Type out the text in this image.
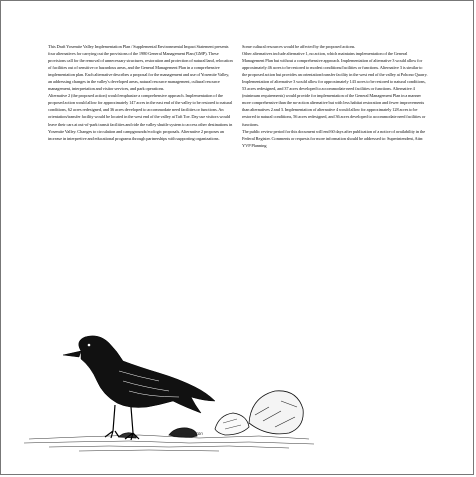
This Draft Yosemite Valley Implementation Plan / Supplemental Environmental Impact Statement presents four alternatives for carrying out the provisions of the 1980 General Management Plan (GMP). These provisions call for the removal of unnecessary structures, restoration and protection of natural land, relocation of facilities out of sensitive or hazardous areas, and the General Management Plan in a comprehensive implementation plan. Each alternative describes a proposal for the management and use of Yosemite Valley, an addressing changes in the valley's developed areas, natural resource management, cultural resource management, interpretation and visitor services, and park operations.

Alternative 2 (the proposed action) would emphasize a comprehensive approach. Implementation of the proposed action would allow for approximately 147 acres in the east end of the valley to be restored to natural conditions, 62 acres redesigned, and 36 acres developed to accommodate need facilities or functions. An orientation/transfer facility would be located in the west end of the valley at Taft Toe. Day use visitors would leave their cars at out-of-park transit facilities and ride the valley shuttle system to access other destinations in Yosemite Valley. Changes to circulation and campgrounds/ecologic proposals. Alternative 2 proposes an increase in interpretive and educational programs through partnerships with supporting organizations.

Some cultural resources would be affected by the proposed actions.

Other alternatives include alternative 1, no action, which maintains implementation of the General Management Plan but without a comprehensive approach. Implementation of alternative 3 would allow for approximately 46 acres to be restored to modest conditions/facilities or functions. Alternative 3 is similar to the proposed action but provides an orientation/transfer facility in the west end of the valley at Pohono Quarry. Implementation of alternative 3 would allow for approximately 143 acres to be restored to natural conditions, 53 acres redesigned, and 37 acres developed to accommodate need facilities or functions. Alternative 4 (minimum requirements) would provide for implementation of the General Management Plan in a manner more comprehensive than the no-action alternative but with less habitat restoration and fewer improvements than alternatives 2 and 3. Implementation of alternative 4 would allow for approximately 128 acres to be restored to natural conditions, 56 acres redesigned, and 36 acres developed to accommodate need facilities or functions.

The public review period for this document will end 60 days after publication of a notice of availability in the Federal Register. Comments or requests for more information should be addressed to: Superintendent, Attn: YVP Planning

Renee Swanson
